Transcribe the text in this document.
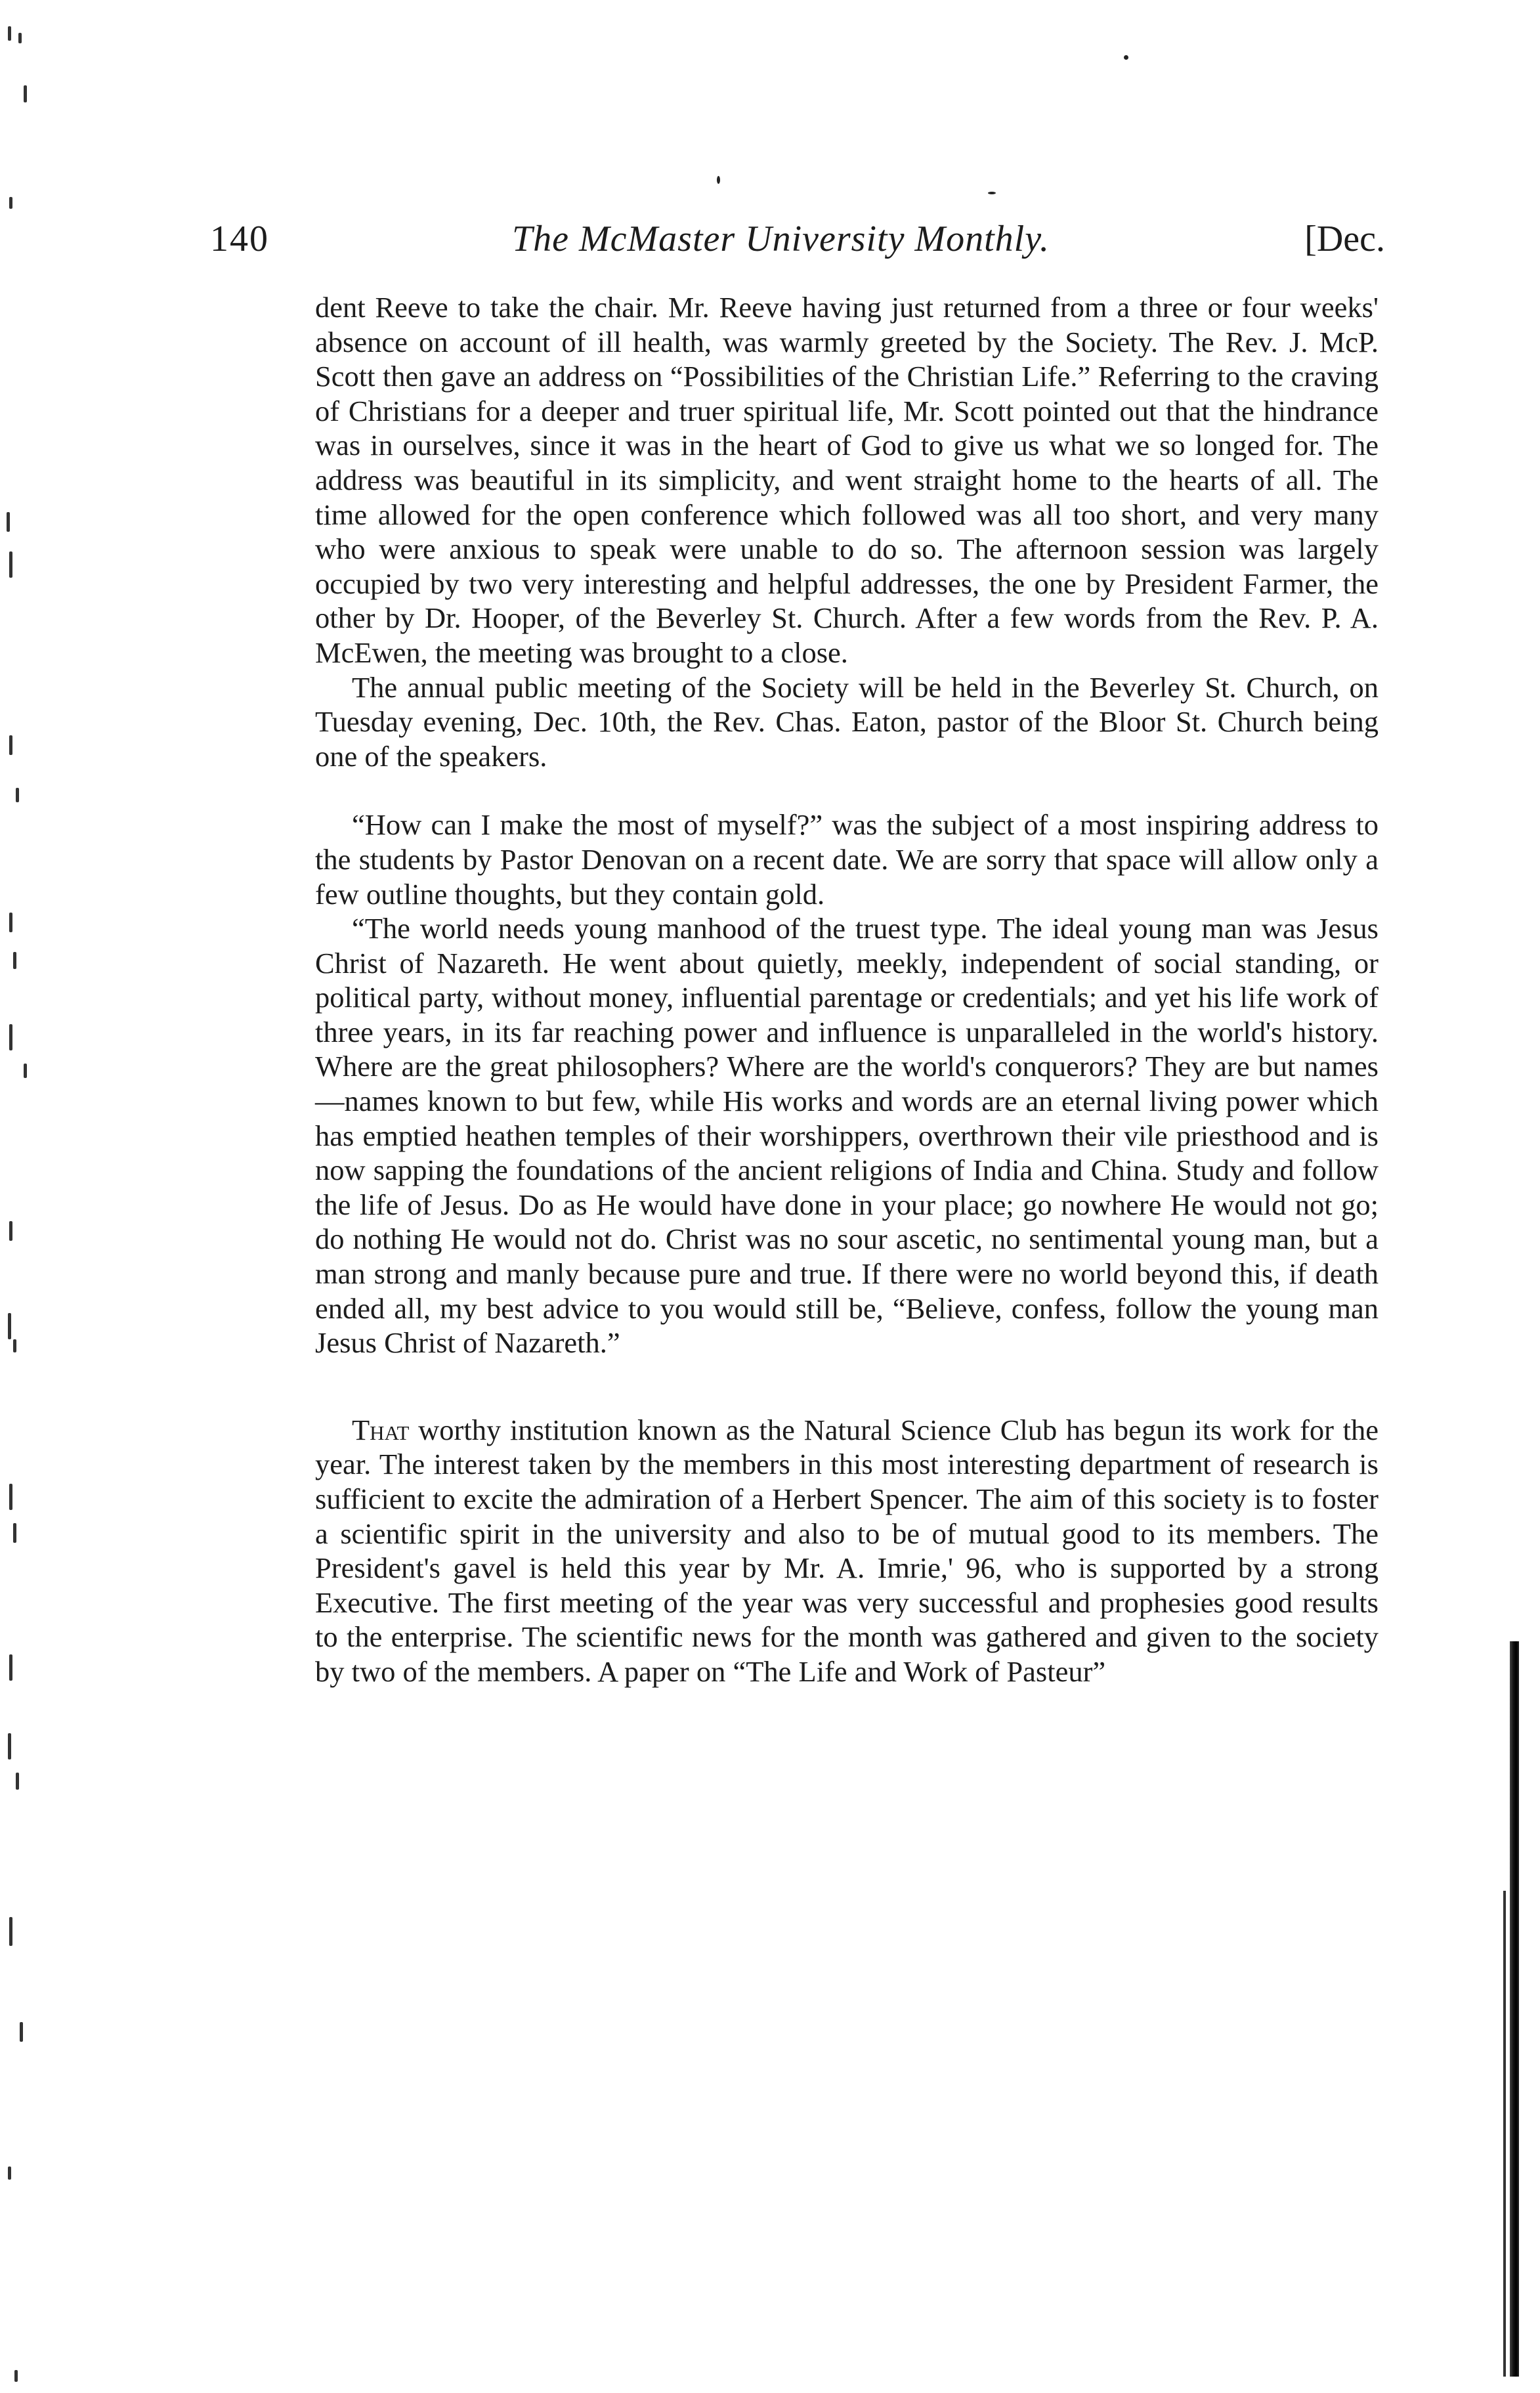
140	The McMaster University Monthly.	[Dec.

dent Reeve to take the chair. Mr. Reeve having just returned from a three or four weeks' absence on account of ill health, was warmly greeted by the Society. The Rev. J. McP. Scott then gave an address on “Possibilities of the Christian Life.” Referring to the craving of Christians for a deeper and truer spiritual life, Mr. Scott pointed out that the hindrance was in ourselves, since it was in the heart of God to give us what we so longed for. The address was beautiful in its simplicity, and went straight home to the hearts of all. The time allowed for the open conference which followed was all too short, and very many who were anxious to speak were unable to do so. The afternoon session was largely occupied by two very interesting and helpful addresses, the one by President Farmer, the other by Dr. Hooper, of the Beverley St. Church. After a few words from the Rev. P. A. McEwen, the meeting was brought to a close.

The annual public meeting of the Society will be held in the Beverley St. Church, on Tuesday evening, Dec. 10th, the Rev. Chas. Eaton, pastor of the Bloor St. Church being one of the speakers.

“How can I make the most of myself?” was the subject of a most inspiring address to the students by Pastor Denovan on a recent date. We are sorry that space will allow only a few outline thoughts, but they contain gold.

“The world needs young manhood of the truest type. The ideal young man was Jesus Christ of Nazareth. He went about quietly, meekly, independent of social standing, or political party, without money, influential parentage or credentials; and yet his life work of three years, in its far reaching power and influence is unparalleled in the world's history. Where are the great philosophers? Where are the world's conquerors? They are but names—names known to but few, while His works and words are an eternal living power which has emptied heathen temples of their worshippers, overthrown their vile priesthood and is now sapping the foundations of the ancient religions of India and China. Study and follow the life of Jesus. Do as He would have done in your place; go nowhere He would not go; do nothing He would not do. Christ was no sour ascetic, no sentimental young man, but a man strong and manly because pure and true. If there were no world beyond this, if death ended all, my best advice to you would still be, “Believe, confess, follow the young man Jesus Christ of Nazareth.”

That worthy institution known as the Natural Science Club has begun its work for the year. The interest taken by the members in this most interesting department of research is sufficient to excite the admiration of a Herbert Spencer. The aim of this society is to foster a scientific spirit in the university and also to be of mutual good to its members. The President's gavel is held this year by Mr. A. Imrie,' 96, who is supported by a strong Executive. The first meeting of the year was very successful and prophesies good results to the enterprise. The scientific news for the month was gathered and given to the society by two of the members. A paper on “The Life and Work of Pasteur”
